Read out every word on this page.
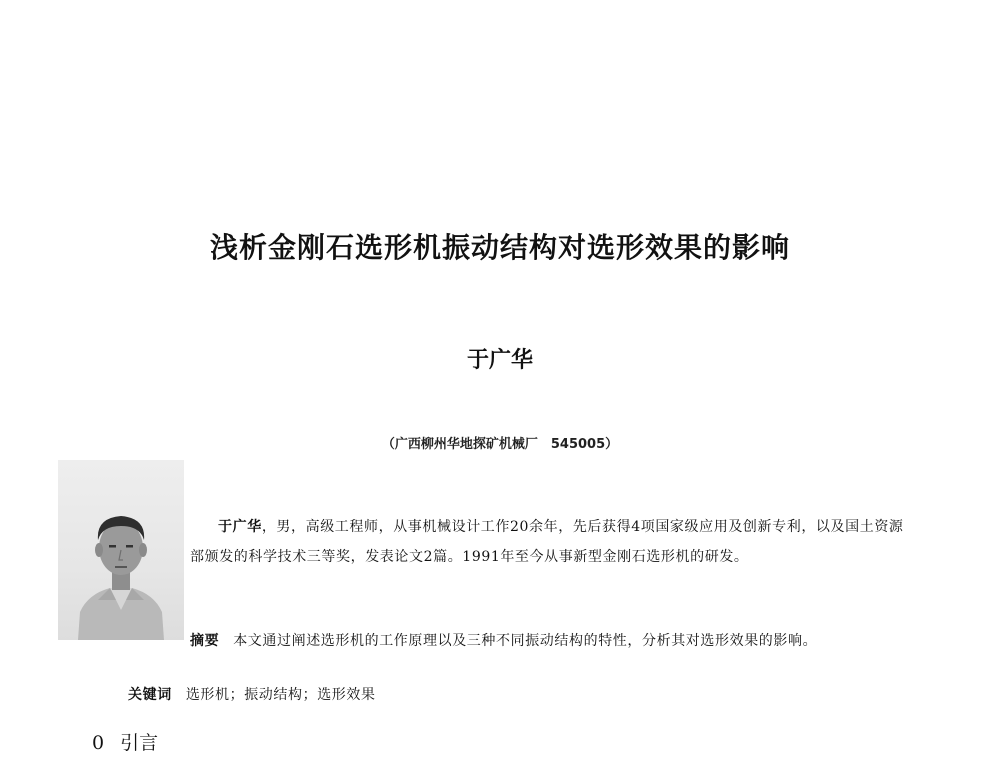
浅析金刚石选形机振动结构对选形效果的影响
于广华
（广西柳州华地探矿机械厂　545005）
于广华，男，高级工程师，从事机械设计工作20余年，先后获得4项国家级应用及创新专利，以及国土资源部颁发的科学技术三等奖，发表论文2篇。1991年至今从事新型金刚石选形机的研发。
摘要 本文通过阐述选形机的工作原理以及三种不同振动结构的特性，分析其对选形效果的影响。
关键词 选形机；振动结构；选形效果
0 引言
